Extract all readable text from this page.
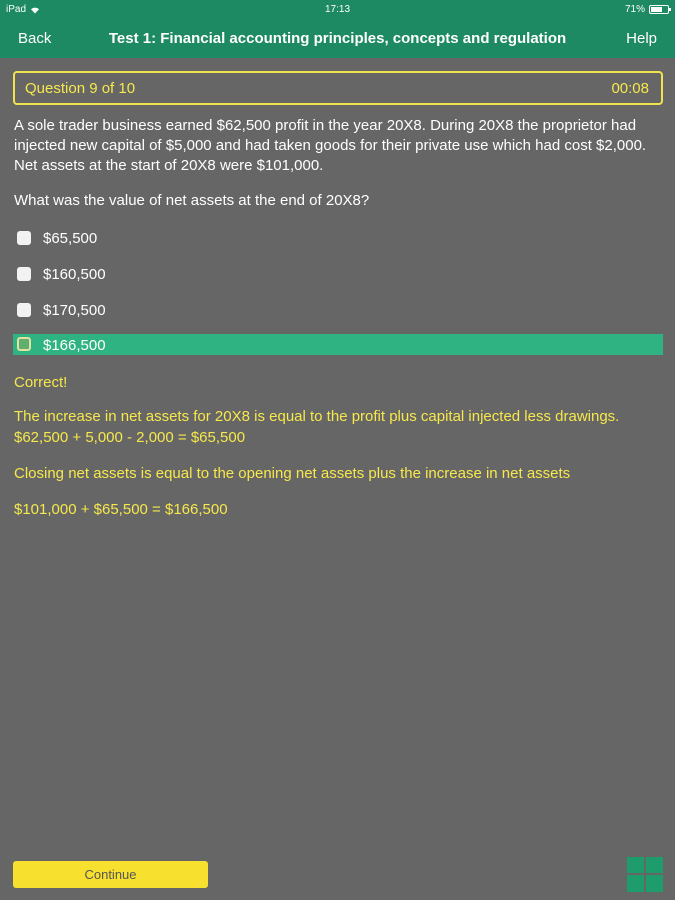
iPad	17:13	71%
Back	Test 1: Financial accounting principles, concepts and regulation	Help
Question 9 of 10	00:08
A sole trader business earned $62,500 profit in the year 20X8. During 20X8 the proprietor had injected new capital of $5,000 and had taken goods for their private use which had cost $2,000. Net assets at the start of 20X8 were $101,000.
What was the value of net assets at the end of 20X8?
$65,500
$160,500
$170,500
$166,500
Correct!
The increase in net assets for 20X8 is equal to the profit plus capital injected less drawings.
$62,500 + 5,000 - 2,000 = $65,500
Closing net assets is equal to the opening net assets plus the increase in net assets
$101,000 + $65,500 = $166,500
Continue
